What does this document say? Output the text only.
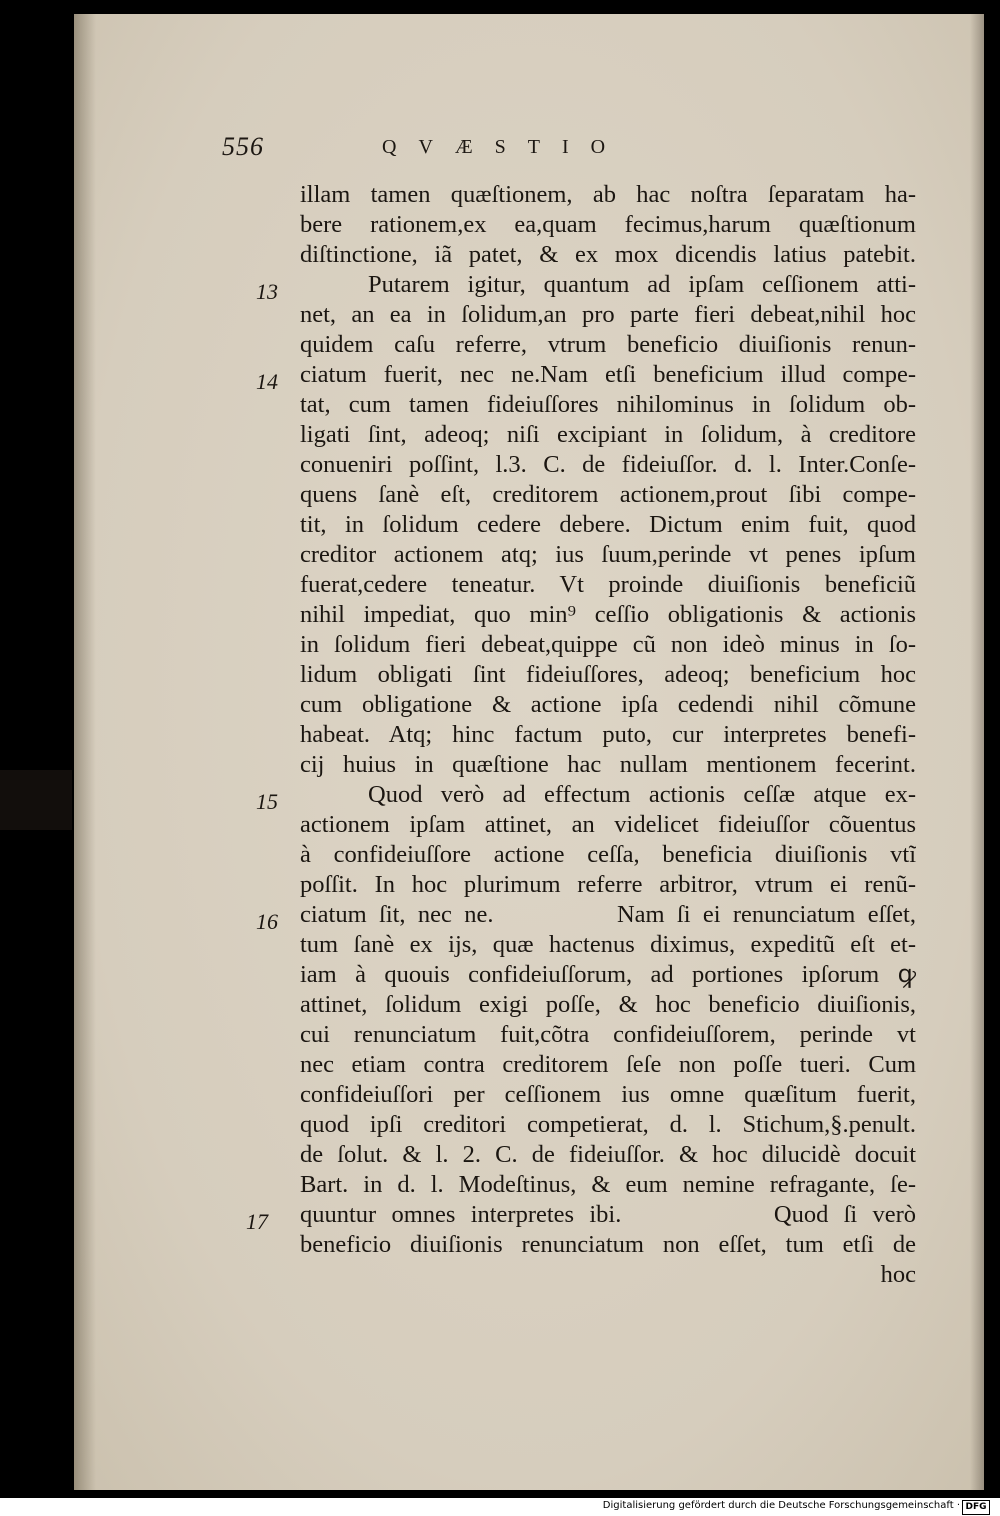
556	QVÆSTIO
13
14
15
16
17
illam tamen quæſtionem, ab hac noſtra ſeparatam ha-
bere rationem,ex ea,quam fecimus,harum quæſtionum
diſtinctione, iã patet, & ex mox dicendis latius patebit.
Putarem igitur, quantum ad ipſam ceſſionem atti-
net, an ea in ſolidum,an pro parte fieri debeat,nihil hoc
quidem caſu referre, vtrum beneficio diuiſionis renun-
ciatum fuerit, nec ne.Nam etſi beneficium illud compe-
tat, cum tamen fideiuſſores nihilominus in ſolidum ob-
ligati ſint, adeoq; niſi excipiant in ſolidum, à creditore
conueniri poſſint, l.3. C. de fideiuſſor. d. l. Inter.Conſe-
quens ſanè eſt, creditorem actionem,prout ſibi compe-
tit, in ſolidum cedere debere. Dictum enim fuit, quod
creditor actionem atq; ius ſuum,perinde vt penes ipſum
fuerat,cedere teneatur. Vt proinde diuiſionis beneficiũ
nihil impediat, quo min⁹ ceſſio obligationis & actionis
in ſolidum fieri debeat,quippe cũ non ideò minus in ſo-
lidum obligati ſint fideiuſſores, adeoq; beneficium hoc
cum obligatione & actione ipſa cedendi nihil cõmune
habeat. Atq; hinc factum puto, cur interpretes benefi-
cij huius in quæſtione hac nullam mentionem fecerint.
Quod verò ad effectum actionis ceſſæ atque ex-
actionem ipſam attinet, an videlicet fideiuſſor cõuentus
à confideiuſſore actione ceſſa, beneficia diuiſionis vtĩ
poſſit. In hoc plurimum referre arbitror, vtrum ei renũ-
ciatum ſit, nec ne.          Nam ſi ei renunciatum eſſet,
tum ſanè ex ijs, quæ hactenus diximus, expeditũ eſt et-
iam à quouis confideiuſſorum, ad portiones ipſorum ꝙ
attinet, ſolidum exigi poſſe, & hoc beneficio diuiſionis,
cui renunciatum fuit,cõtra confideiuſſorem, perinde vt
nec etiam contra creditorem ſeſe non poſſe tueri. Cum
confideiuſſori per ceſſionem ius omne quæſitum fuerit,
quod ipſi creditori competierat, d. l. Stichum,§.penult.
de ſolut. & l. 2. C. de fideiuſſor. & hoc dilucidè docuit
Bart. in d. l. Modeſtinus, & eum nemine refragante, ſe-
quuntur omnes interpretes ibi.          Quod ſi verò
beneficio diuiſionis renunciatum non eſſet, tum etſi de
hoc
Digitalisierung gefördert durch die Deutsche Forschungsgemeinschaft · DFG
